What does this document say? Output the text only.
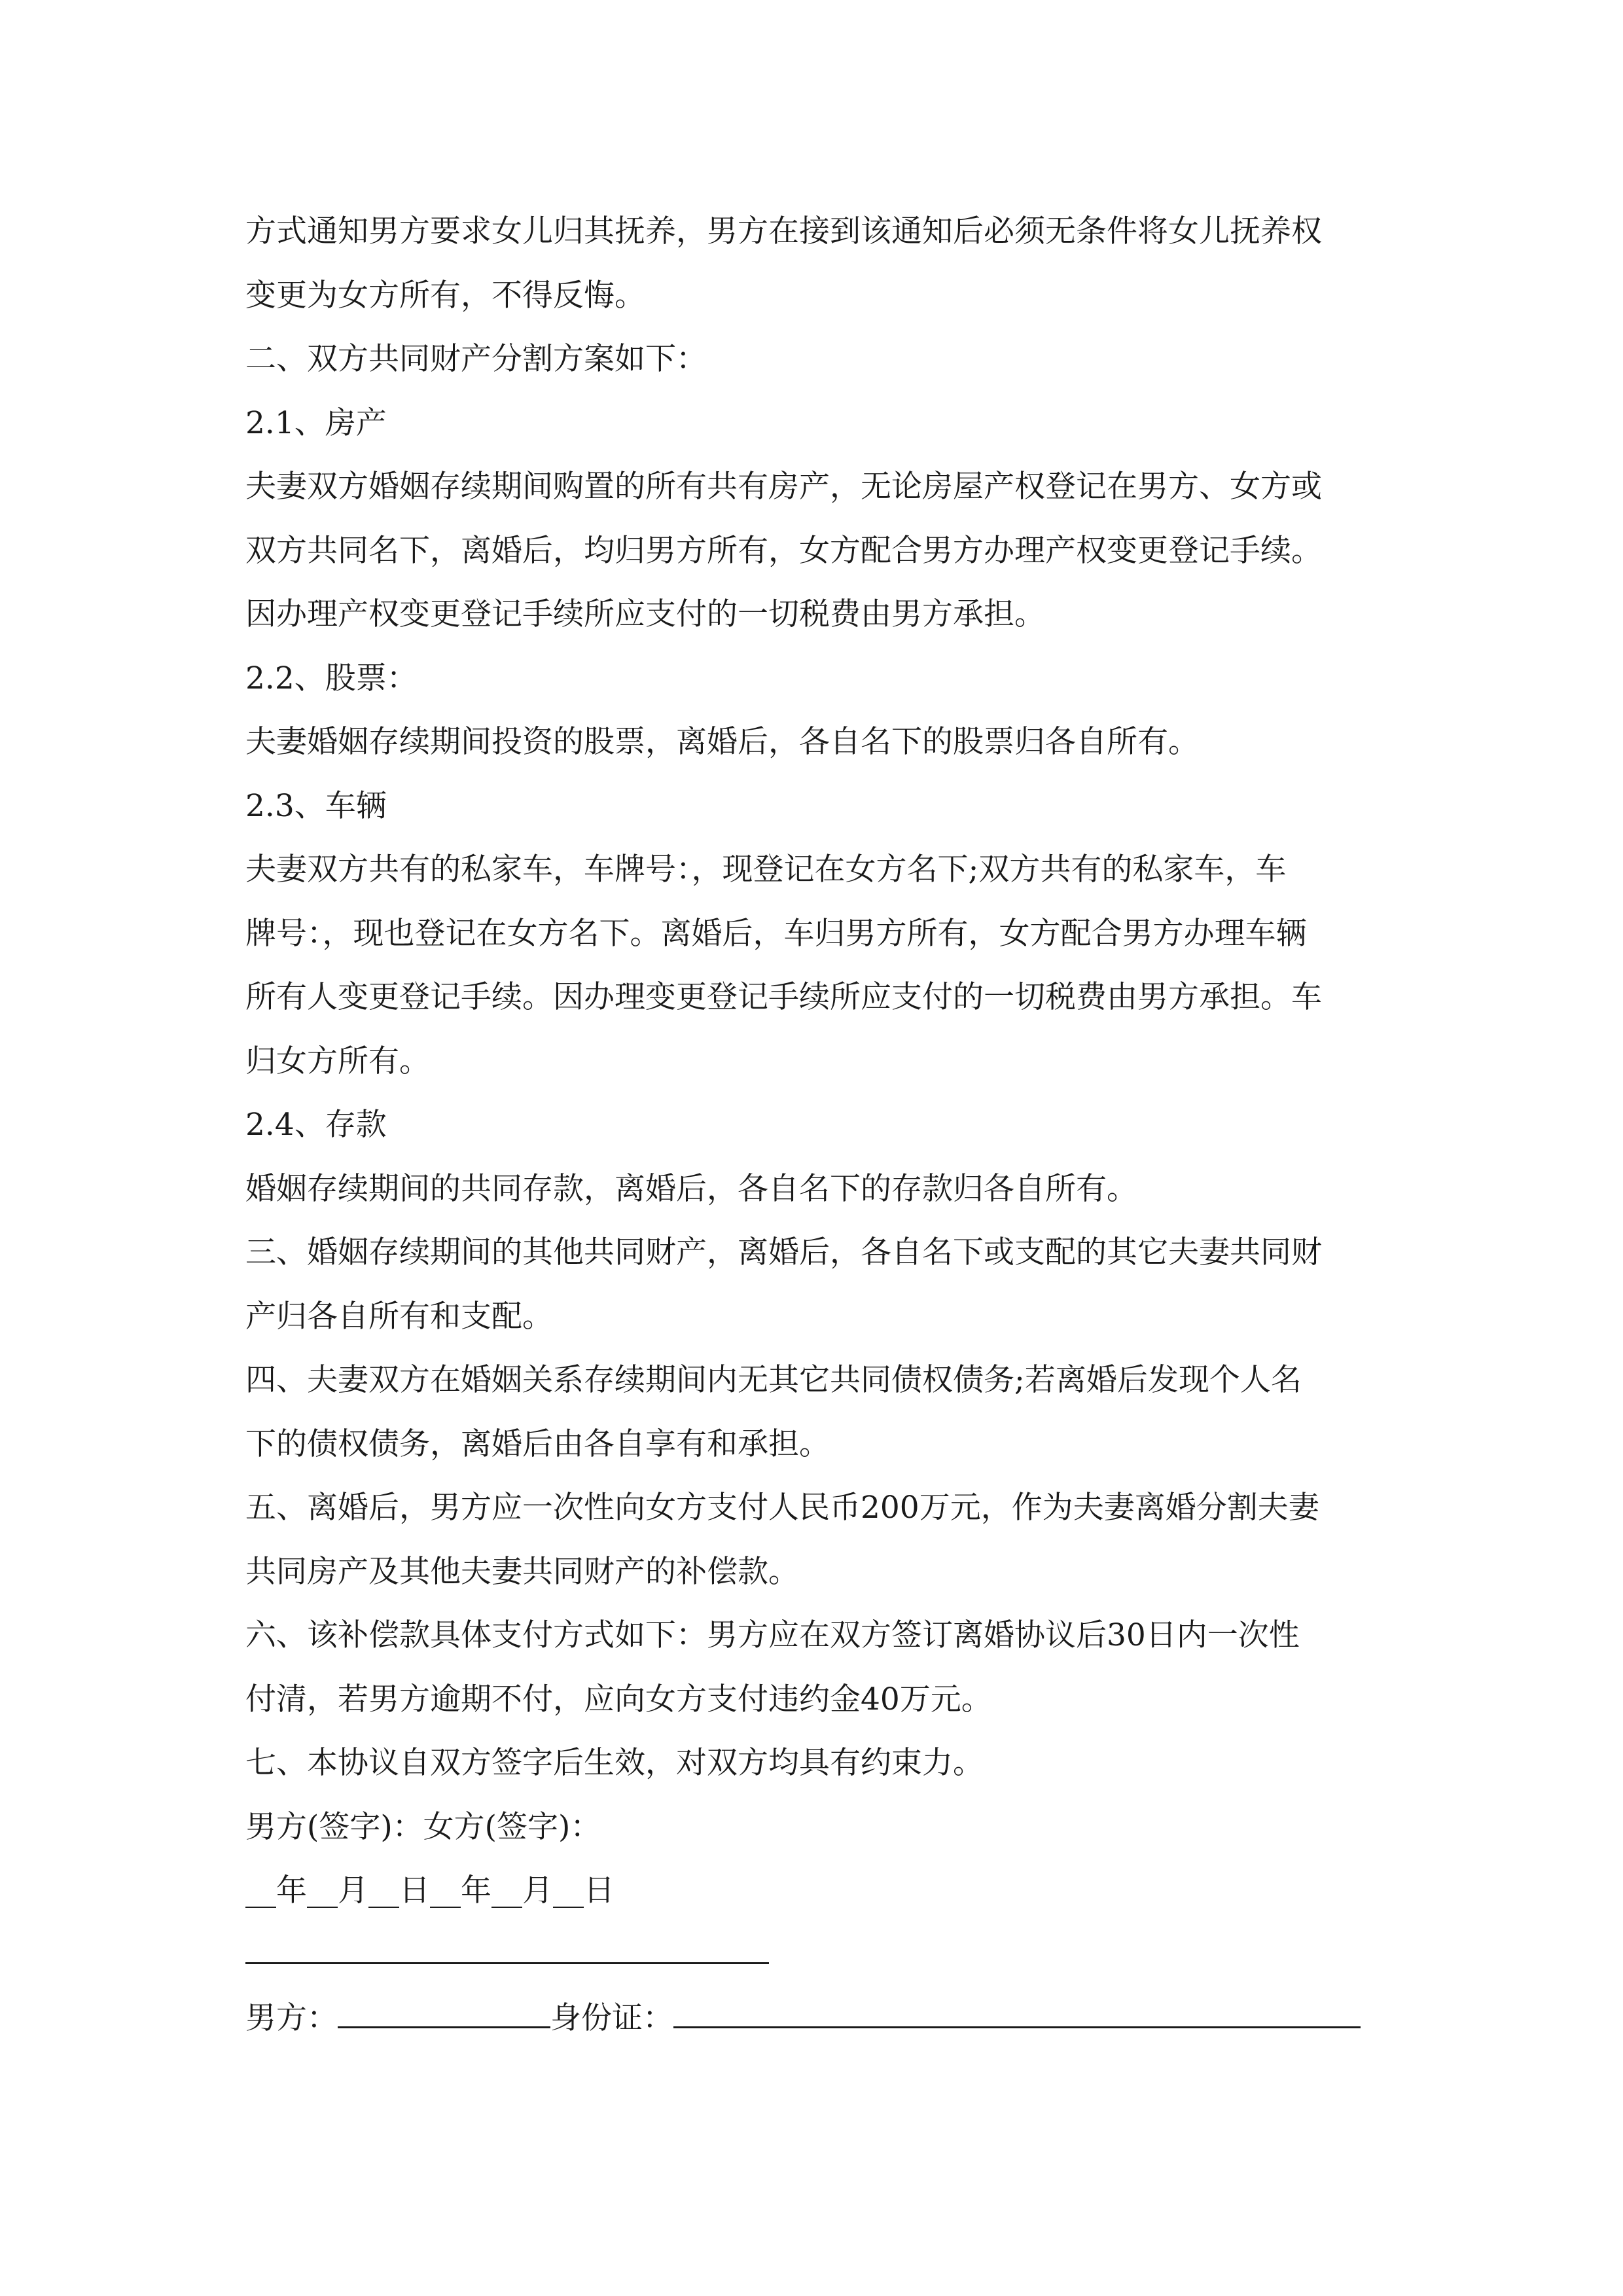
方式通知男方要求女儿归其抚养，男方在接到该通知后必须无条件将女儿抚养权
变更为女方所有，不得反悔。
二、双方共同财产分割方案如下：
2.1、房产
夫妻双方婚姻存续期间购置的所有共有房产，无论房屋产权登记在男方、女方或
双方共同名下，离婚后，均归男方所有，女方配合男方办理产权变更登记手续。
因办理产权变更登记手续所应支付的一切税费由男方承担。
2.2、股票：
夫妻婚姻存续期间投资的股票，离婚后，各自名下的股票归各自所有。
2.3、车辆
夫妻双方共有的私家车，车牌号：，现登记在女方名下;双方共有的私家车，车
牌号：，现也登记在女方名下。离婚后，车归男方所有，女方配合男方办理车辆
所有人变更登记手续。因办理变更登记手续所应支付的一切税费由男方承担。车
归女方所有。
2.4、存款
婚姻存续期间的共同存款，离婚后，各自名下的存款归各自所有。
三、婚姻存续期间的其他共同财产，离婚后，各自名下或支配的其它夫妻共同财
产归各自所有和支配。
四、夫妻双方在婚姻关系存续期间内无其它共同债权债务;若离婚后发现个人名
下的债权债务，离婚后由各自享有和承担。
五、离婚后，男方应一次性向女方支付人民币200万元，作为夫妻离婚分割夫妻
共同房产及其他夫妻共同财产的补偿款。
六、该补偿款具体支付方式如下：男方应在双方签订离婚协议后30日内一次性
付清，若男方逾期不付，应向女方支付违约金40万元。
七、本协议自双方签字后生效，对双方均具有约束力。
男方(签字)：女方(签字)：
__年__月__日__年__月__日
男方：	身份证：
